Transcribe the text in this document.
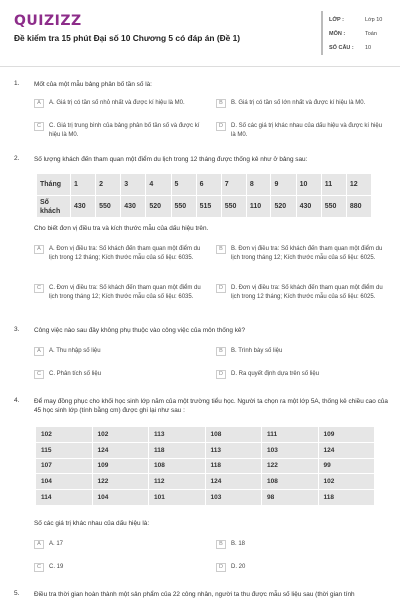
QUIZIZZ
Đề kiểm tra 15 phút Đại số 10 Chương 5 có đáp án (Đề 1)
LỚP :	Lớp 10
MÔN :	Toán
SỐ CÂU : 10
1. Mốt của một mẫu bảng phân bố tần số là:
A	A. Giá trị có tần số nhỏ nhất và được kí hiệu là M0.	B	B. Giá trị có tần số lớn nhất và được kí hiệu là M0.
C	C. Giá trị trung bình của bảng phân bố tần số và được kí hiệu là M0.
D	D. Số các giá trị khác nhau của dấu hiệu và được kí hiệu là M0.
2. Số lượng khách đến tham quan một điểm du lịch trong 12 tháng được thống kê như ở bảng sau:
Tháng	1	2	3	4	5	6	7	8	9	10	11	12
Số khách	430	550	430	520	550	515	550	110	520	430	550	880
Cho biết đơn vị điều tra và kích thước mẫu của dấu hiệu trên.
A	A. Đơn vị điều tra: Số khách đến tham quan một điểm du lịch trong 12 tháng; Kích thước mẫu của số liệu: 6035.
B	B. Đơn vị điều tra: Số khách đến tham quan một điểm du lịch trong tháng 12; Kích thước mẫu của số liệu: 6025.
C	C. Đơn vị điều tra: Số khách đến tham quan một điểm du lịch trong tháng 12; Kích thước mẫu của số liệu: 6035.
D	D. Đơn vị điều tra: Số khách đến tham quan một điểm du lịch trong 12 tháng; Kích thước mẫu của số liệu: 6025.
3. Công việc nào sau đây không phụ thuộc vào công việc của môn thống kê?
A	A. Thu nhập số liệu	B	B. Trình bày số liệu
C	C. Phân tích số liệu	D	D. Ra quyết định dựa trên số liệu
4. Để may đồng phục cho khối học sinh lớp năm của một trường tiểu học. Người ta chọn ra một lớp 5A, thống kê chiều cao của 45 học sinh lớp (tính bằng cm) được ghi lại như sau :
102	102	113	108	111	109
115	124	118	113	103	124
107	109	108	118	122	99
104	122	112	124	108	102
114	104	101	103	98	118
Số các giá trị khác nhau của dấu hiệu là:
A	A. 17	B	B. 18
C	C. 19	D	D. 20
5. Điều tra thời gian hoàn thành một sản phẩm của 22 công nhân, người ta thu được mẫu số liệu sau (thời gian tính
